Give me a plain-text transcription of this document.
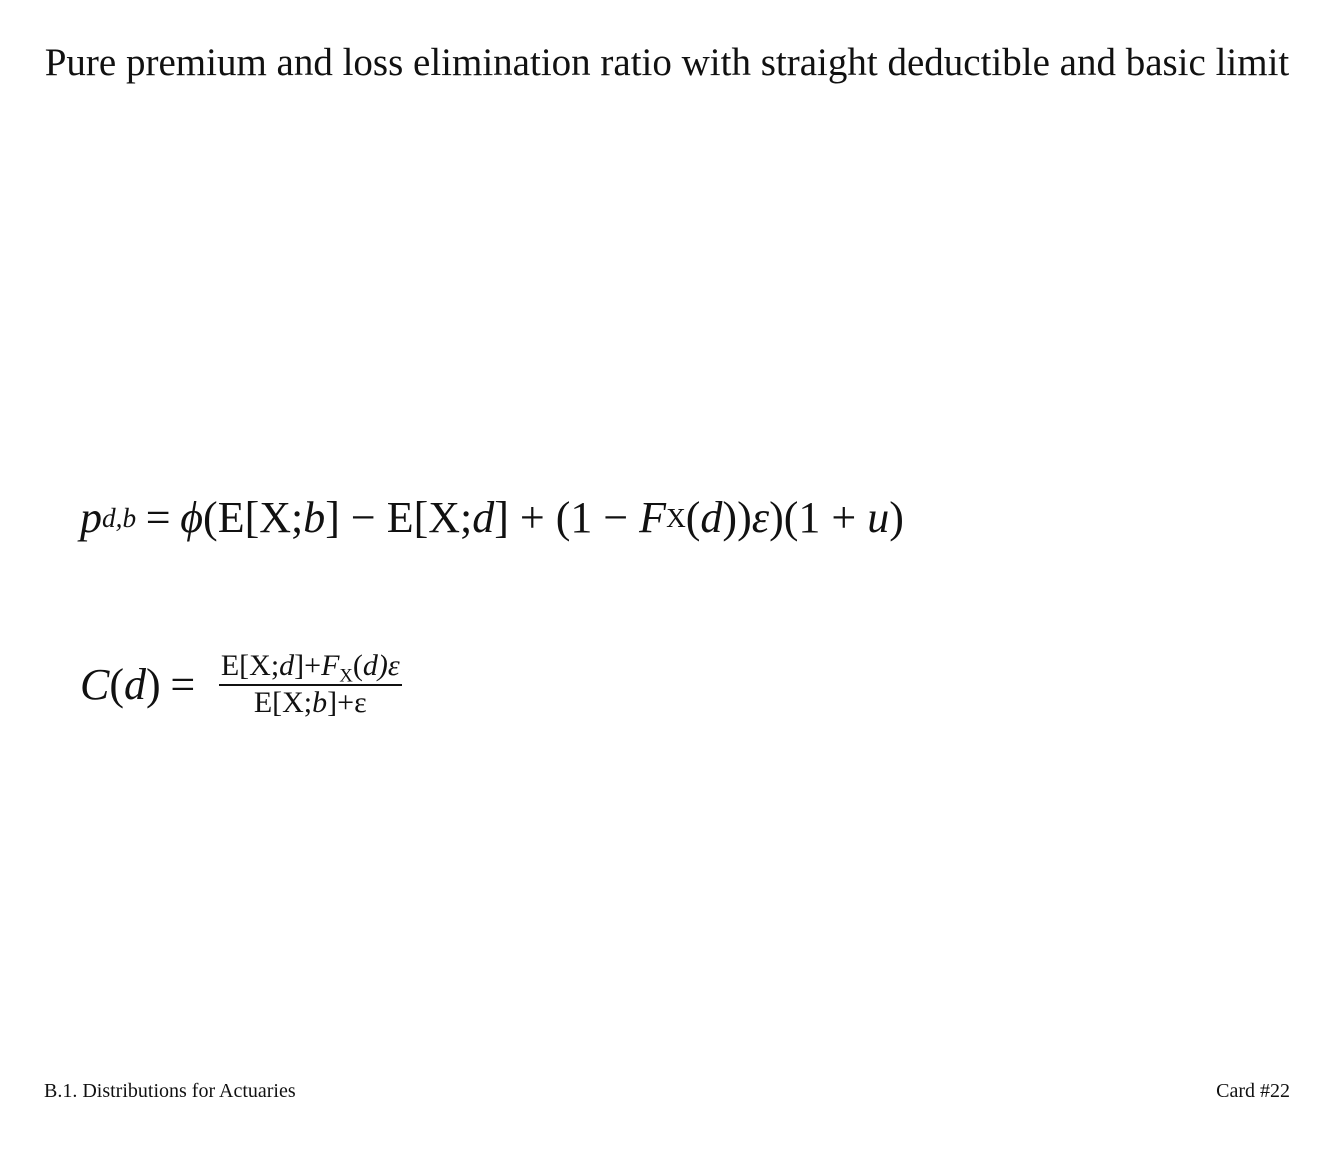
Pure premium and loss elimination ratio with straight deductible and basic limit
p d,b = ϕ (E[X; b ] − E[X; d ] + (1 − F X ( d )) ε )(1 + u )
C ( d ) = $\frac{E[X;d]+F_X(d)\varepsilon}{E[X;b]+\varepsilon}$
B.1. Distributions for Actuaries	Card #22
